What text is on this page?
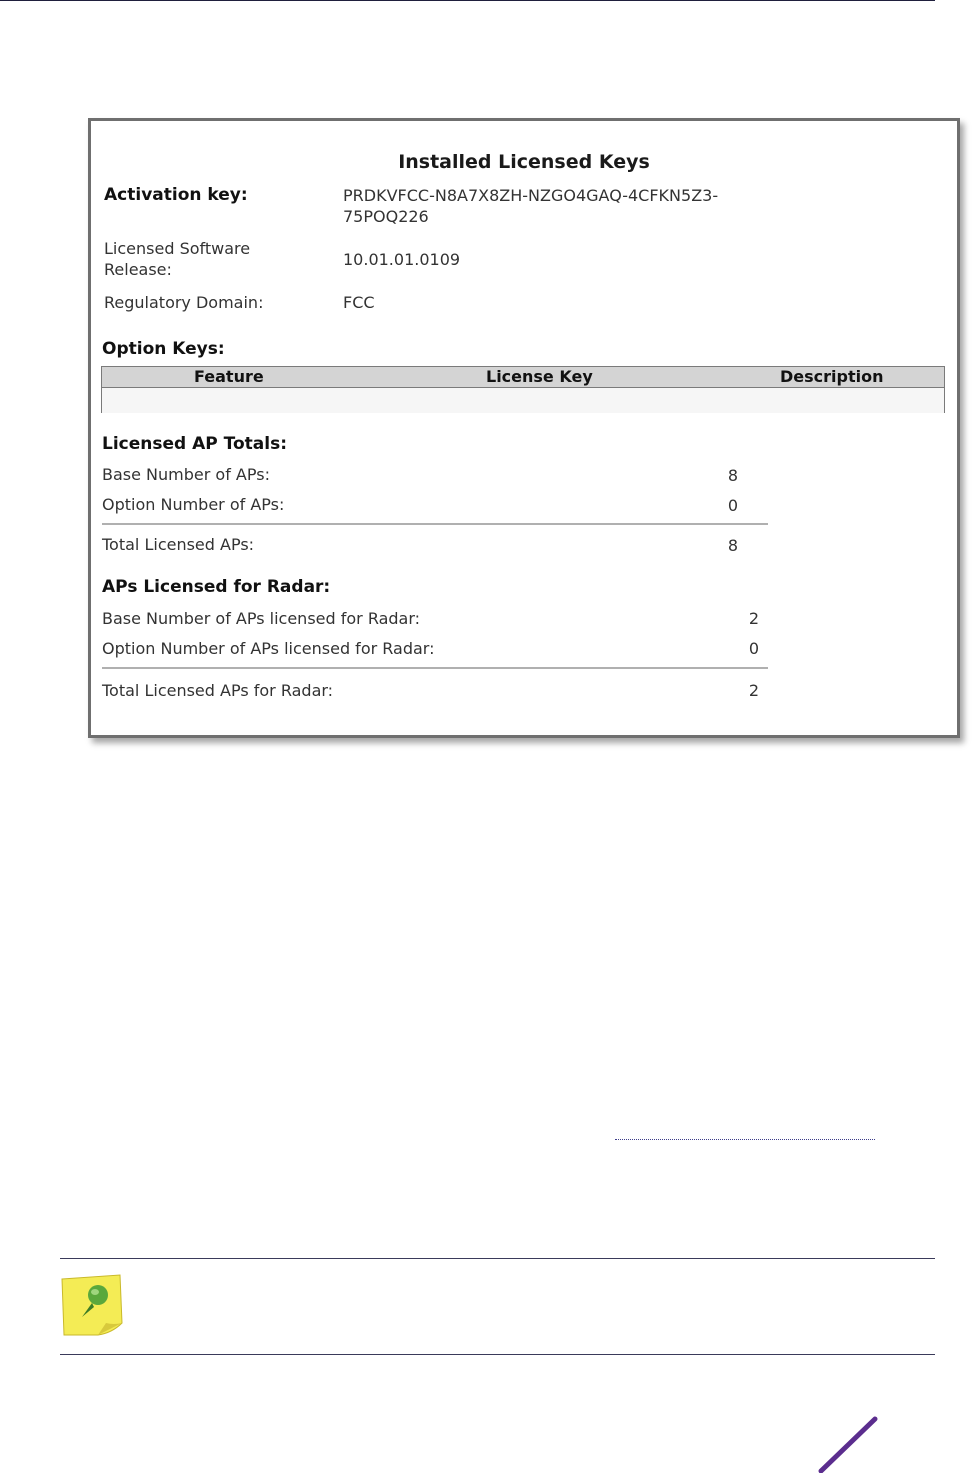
Installed Licensed Keys
Activation key:	PRDKVFCC-N8A7X8ZH-NZGO4GAQ-4CFKN5Z3-
75POQ226
Licensed Software
Release:
10.01.01.0109
Regulatory Domain:	FCC
Option Keys:
Feature	License Key	Description
Licensed AP Totals:
Base Number of APs:	8
Option Number of APs:	0
Total Licensed APs:	8
APs Licensed for Radar:
Base Number of APs licensed for Radar:	2
Option Number of APs licensed for Radar:	0
Total Licensed APs for Radar:	2
